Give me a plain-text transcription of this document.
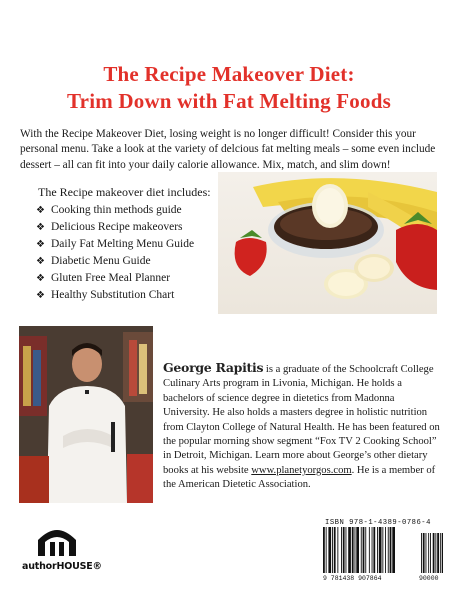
The Recipe Makeover Diet:
Trim Down with Fat Melting Foods
With the Recipe Makeover Diet, losing weight is no longer difficult! Consider this your personal menu. Take a look at the variety of delcious fat melting meals – some even include dessert – all can fit into your daily calorie allowance. Mix, match, and slim down!
The Recipe makeover diet includes:
❖ Cooking thin methods guide
❖ Delicious Recipe makeovers
❖ Daily Fat Melting Menu Guide
❖ Diabetic Menu Guide
❖ Gluten Free Meal Planner
❖ Healthy Substitution Chart
George Rapitis is a graduate of the Schoolcraft College Culinary Arts program in Livonia, Michigan. He holds a bachelors of science degree in dietetics from Madonna University. He also holds a masters degree in holistic nutrition from Clayton College of Natural Health. He has been featured on the popular morning show segment “Fox TV 2 Cooking School” in Detroit, Michigan. Learn more about George’s other dietary books at his website www.planetyorgos.com. He is a member of the American Dietetic Association.
authorHOUSE®
ISBN 978-1-4389-0786-4
9 781438 907864	90000
